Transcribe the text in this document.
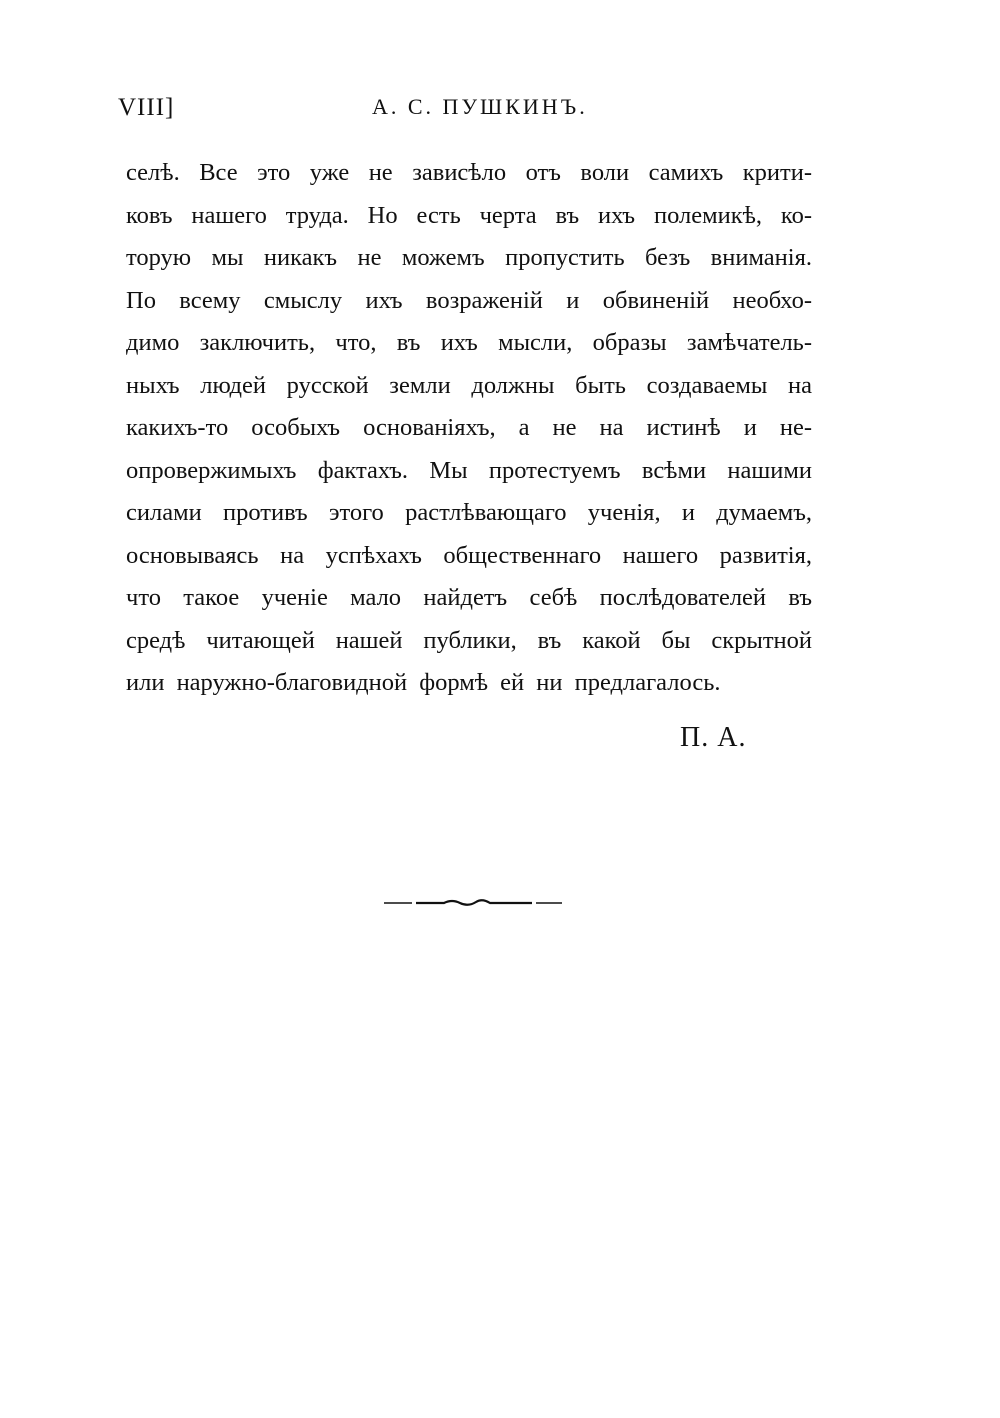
VIII]	А. С. ПУШКИНЪ.
селѣ. Все это уже не зависѣло отъ воли самихъ крити-
ковъ нашего труда. Но есть черта въ ихъ полемикѣ, ко-
торую мы никакъ не можемъ пропустить безъ вниманія.
По всему смыслу ихъ возраженій и обвиненій необхо-
димо заключить, что, въ ихъ мысли, образы замѣчатель-
ныхъ людей русской земли должны быть создаваемы на
какихъ-то особыхъ основаніяхъ, а не на истинѣ и не-
опровержимыхъ фактахъ. Мы протестуемъ всѣми нашими
силами противъ этого растлѣвающаго ученія, и думаемъ,
основываясь на успѣхахъ общественнаго нашего развитія,
что такое ученіе мало найдетъ себѣ послѣдователей въ
средѣ читающей нашей публики, въ какой бы скрытной
или наружно-благовидной формѣ ей ни предлагалось.
П. А.
